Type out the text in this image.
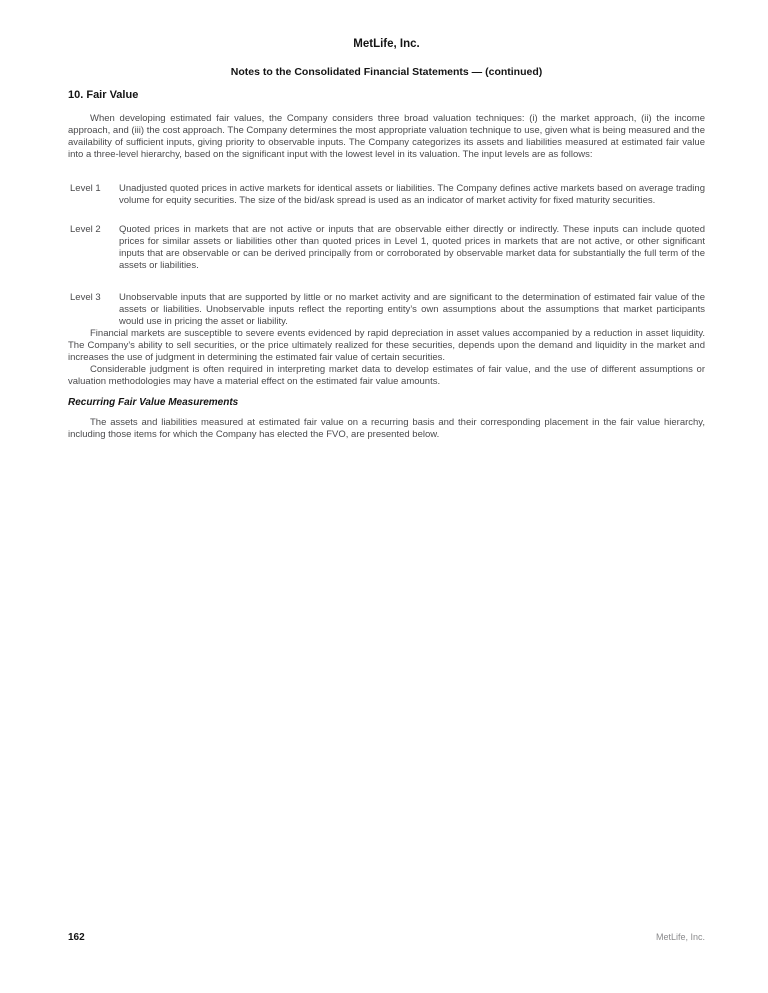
MetLife, Inc.
Notes to the Consolidated Financial Statements — (continued)
10. Fair Value

When developing estimated fair values, the Company considers three broad valuation techniques: (i) the market approach, (ii) the income approach, and (iii) the cost approach. The Company determines the most appropriate valuation technique to use, given what is being measured and the availability of sufficient inputs, giving priority to observable inputs. The Company categorizes its assets and liabilities measured at estimated fair value into a three-level hierarchy, based on the significant input with the lowest level in its valuation. The input levels are as follows:

Level 1	Unadjusted quoted prices in active markets for identical assets or liabilities. The Company defines active markets based on average trading volume for equity securities. The size of the bid/ask spread is used as an indicator of market activity for fixed maturity securities.
Level 2	Quoted prices in markets that are not active or inputs that are observable either directly or indirectly. These inputs can include quoted prices for similar assets or liabilities other than quoted prices in Level 1, quoted prices in markets that are not active, or other significant inputs that are observable or can be derived principally from or corroborated by observable market data for substantially the full term of the assets or liabilities.
Level 3	Unobservable inputs that are supported by little or no market activity and are significant to the determination of estimated fair value of the assets or liabilities. Unobservable inputs reflect the reporting entity’s own assumptions about the assumptions that market participants would use in pricing the asset or liability.

Financial markets are susceptible to severe events evidenced by rapid depreciation in asset values accompanied by a reduction in asset liquidity. The Company’s ability to sell securities, or the price ultimately realized for these securities, depends upon the demand and liquidity in the market and increases the use of judgment in determining the estimated fair value of certain securities.

Considerable judgment is often required in interpreting market data to develop estimates of fair value, and the use of different assumptions or valuation methodologies may have a material effect on the estimated fair value amounts.

Recurring Fair Value Measurements

The assets and liabilities measured at estimated fair value on a recurring basis and their corresponding placement in the fair value hierarchy, including those items for which the Company has elected the FVO, are presented below.

162	MetLife, Inc.
